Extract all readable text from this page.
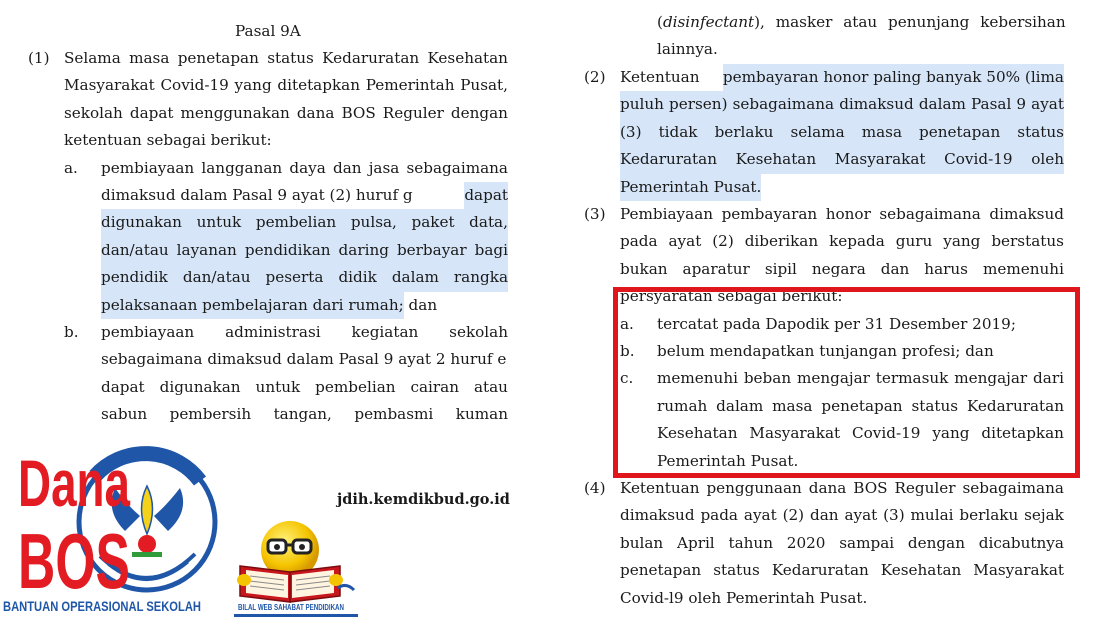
Pasal 9A
(1) Selama masa penetapan status Kedaruratan Kesehatan
Masyarakat Covid-19 yang ditetapkan Pemerintah Pusat,
sekolah dapat menggunakan dana BOS Reguler dengan
ketentuan sebagai berikut:
a. pembiayaan langganan daya dan jasa sebagaimana
dimaksud dalam Pasal 9 ayat (2) huruf g	dapat
digunakan untuk pembelian pulsa, paket data,
dan/atau layanan pendidikan daring berbayar bagi
pendidik dan/atau peserta didik dalam rangka
pelaksanaan pembelajaran dari rumah; dan
b. pembiayaan administrasi kegiatan sekolah
sebagaimana dimaksud dalam Pasal 9 ayat 2 huruf e
dapat digunakan untuk pembelian cairan atau
sabun pembersih tangan, pembasmi kuman
( disinfectant ), masker atau penunjang kebersihan
lainnya.
(2) Ketentuan pembayaran honor paling banyak 50% (lima
puluh persen) sebagaimana dimaksud dalam Pasal 9 ayat
(3) tidak berlaku selama masa penetapan status
Kedaruratan Kesehatan Masyarakat Covid-19 oleh
Pemerintah Pusat.
(3) Pembiayaan pembayaran honor sebagaimana dimaksud
pada ayat (2) diberikan kepada guru yang berstatus
bukan aparatur sipil negara dan harus memenuhi
persyaratan sebagai berikut:
a. tercatat pada Dapodik per 31 Desember 2019;
b. belum mendapatkan tunjangan profesi; dan
c. memenuhi beban mengajar termasuk mengajar dari
rumah dalam masa penetapan status Kedaruratan
Kesehatan Masyarakat Covid-19 yang ditetapkan
Pemerintah Pusat.
(4) Ketentuan penggunaan dana BOS Reguler sebagaimana
dimaksud pada ayat (2) dan ayat (3) mulai berlaku sejak
bulan April tahun 2020 sampai dengan dicabutnya
penetapan status Kedaruratan Kesehatan Masyarakat
Covid-l9 oleh Pemerintah Pusat.
jdih.kemdikbud.go.id
Dana
BOS
BANTUAN OPERASIONAL SEKOLAH	BILAL WEB SAHABAT PENDIDIKAN
